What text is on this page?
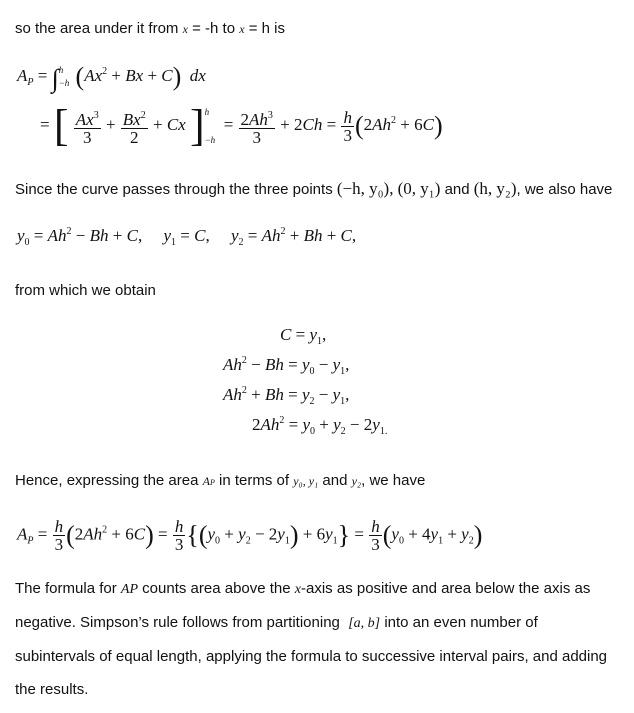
so the area under it from x = -h to x = h is
$A_P$ = ∫ h
−h $(Ax^2 + Bx + C)$ dx
= [ $\frac{Ax^3}{3} + \frac{Bx^2}{2} + Cx$ ] h
−h
= $\frac{2Ah^3}{3} + 2Ch = \frac{h}{3} (2Ah^2 + 6C)$
Since the curve passes through the three points (−h, y₀), (0, y₁) and (h, y₂), we also have
$y_0 = Ah^2 - Bh + C$,     $y_1 = C$,     $y_2 = Ah^2 + Bh + C$,
from which we obtain
$C = y_1$,
$Ah^2 - Bh = y_0 - y_1$,
$Ah^2 + Bh = y_2 - y_1$,
$2Ah^2 = y_0 + y_2 - 2y_{1.}$
Hence, expressing the area AP in terms of y₀, y₁ and y₂, we have
$A_P = \frac{h}{3} (2Ah^2 + 6C) = \frac{h}{3} \{(y_0 + y_2 - 2y_1) + 6y_1\} = \frac{h}{3} (y_0 + 4y_1 + y_2)$
The formula for AP counts area above the x-axis as positive and area below the axis as
negative. Simpson’s rule follows from partitioning [a, b] into an even number of
subintervals of equal length, applying the formula to successive interval pairs, and adding
the results.
